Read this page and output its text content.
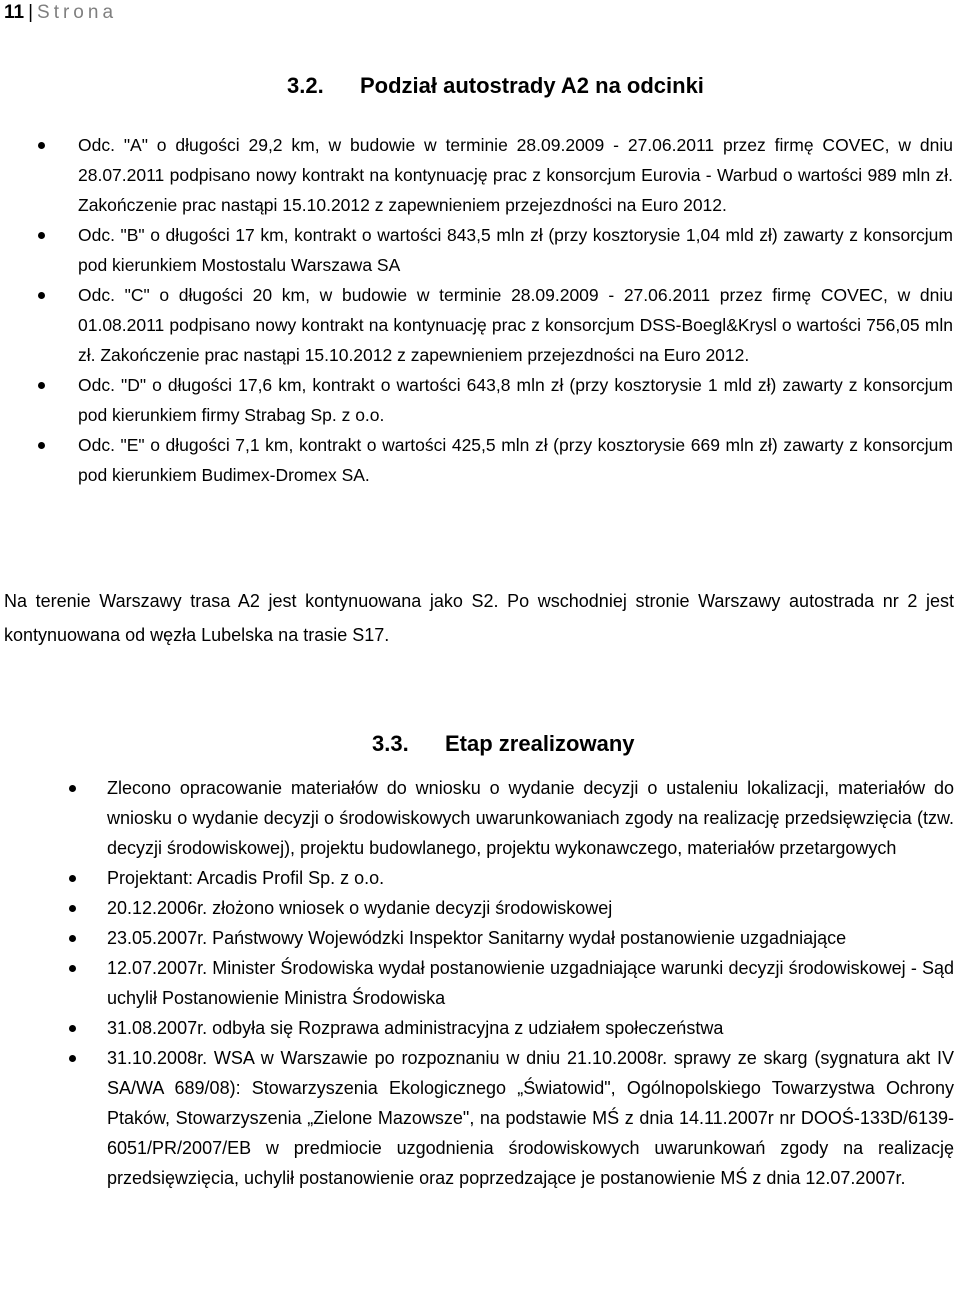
11 | Strona
3.2. Podział autostrady A2 na odcinki
Odc. "A" o długości 29,2 km, w budowie w terminie 28.09.2009 - 27.06.2011 przez firmę COVEC, w dniu 28.07.2011 podpisano nowy kontrakt na kontynuację prac z konsorcjum Eurovia - Warbud o wartości 989 mln zł. Zakończenie prac nastąpi 15.10.2012 z zapewnieniem przejezdności na Euro 2012.
Odc. "B" o długości 17 km, kontrakt o wartości 843,5 mln zł (przy kosztorysie 1,04 mld zł) zawarty z konsorcjum pod kierunkiem Mostostalu Warszawa SA
Odc. "C" o długości 20 km, w budowie w terminie 28.09.2009 - 27.06.2011 przez firmę COVEC, w dniu 01.08.2011 podpisano nowy kontrakt na kontynuację prac z konsorcjum DSS-Boegl&Krysl o wartości 756,05 mln zł. Zakończenie prac nastąpi 15.10.2012 z zapewnieniem przejezdności na Euro 2012.
Odc. "D" o długości 17,6 km, kontrakt o wartości 643,8 mln zł (przy kosztorysie 1 mld zł) zawarty z konsorcjum pod kierunkiem firmy Strabag Sp. z o.o.
Odc. "E" o długości 7,1 km, kontrakt o wartości 425,5 mln zł (przy kosztorysie 669 mln zł) zawarty z konsorcjum pod kierunkiem Budimex-Dromex SA.

Na terenie Warszawy trasa A2 jest kontynuowana jako S2. Po wschodniej stronie Warszawy autostrada nr 2 jest kontynuowana od węzła Lubelska na trasie S17.

3.3. Etap zrealizowany
Zlecono opracowanie materiałów do wniosku o wydanie decyzji o ustaleniu lokalizacji, materiałów do wniosku o wydanie decyzji o środowiskowych uwarunkowaniach zgody na realizację przedsięwzięcia (tzw. decyzji środowiskowej), projektu budowlanego, projektu wykonawczego, materiałów przetargowych
Projektant: Arcadis Profil Sp. z o.o.
20.12.2006r. złożono wniosek o wydanie decyzji środowiskowej
23.05.2007r. Państwowy Wojewódzki Inspektor Sanitarny wydał postanowienie uzgadniające
12.07.2007r. Minister Środowiska wydał postanowienie uzgadniające warunki decyzji środowiskowej - Sąd uchylił Postanowienie Ministra Środowiska
31.08.2007r. odbyła się Rozprawa administracyjna z udziałem społeczeństwa
31.10.2008r. WSA w Warszawie po rozpoznaniu w dniu 21.10.2008r. sprawy ze skarg (sygnatura akt IV SA/WA 689/08): Stowarzyszenia Ekologicznego „Światowid", Ogólnopolskiego Towarzystwa Ochrony Ptaków, Stowarzyszenia „Zielone Mazowsze", na podstawie MŚ z dnia 14.11.2007r nr DOOŚ-133D/6139-6051/PR/2007/EB w predmiocie uzgodnienia środowiskowych uwarunkowań zgody na realizację przedsięwzięcia, uchylił postanowienie oraz poprzedzające je postanowienie MŚ z dnia 12.07.2007r.
